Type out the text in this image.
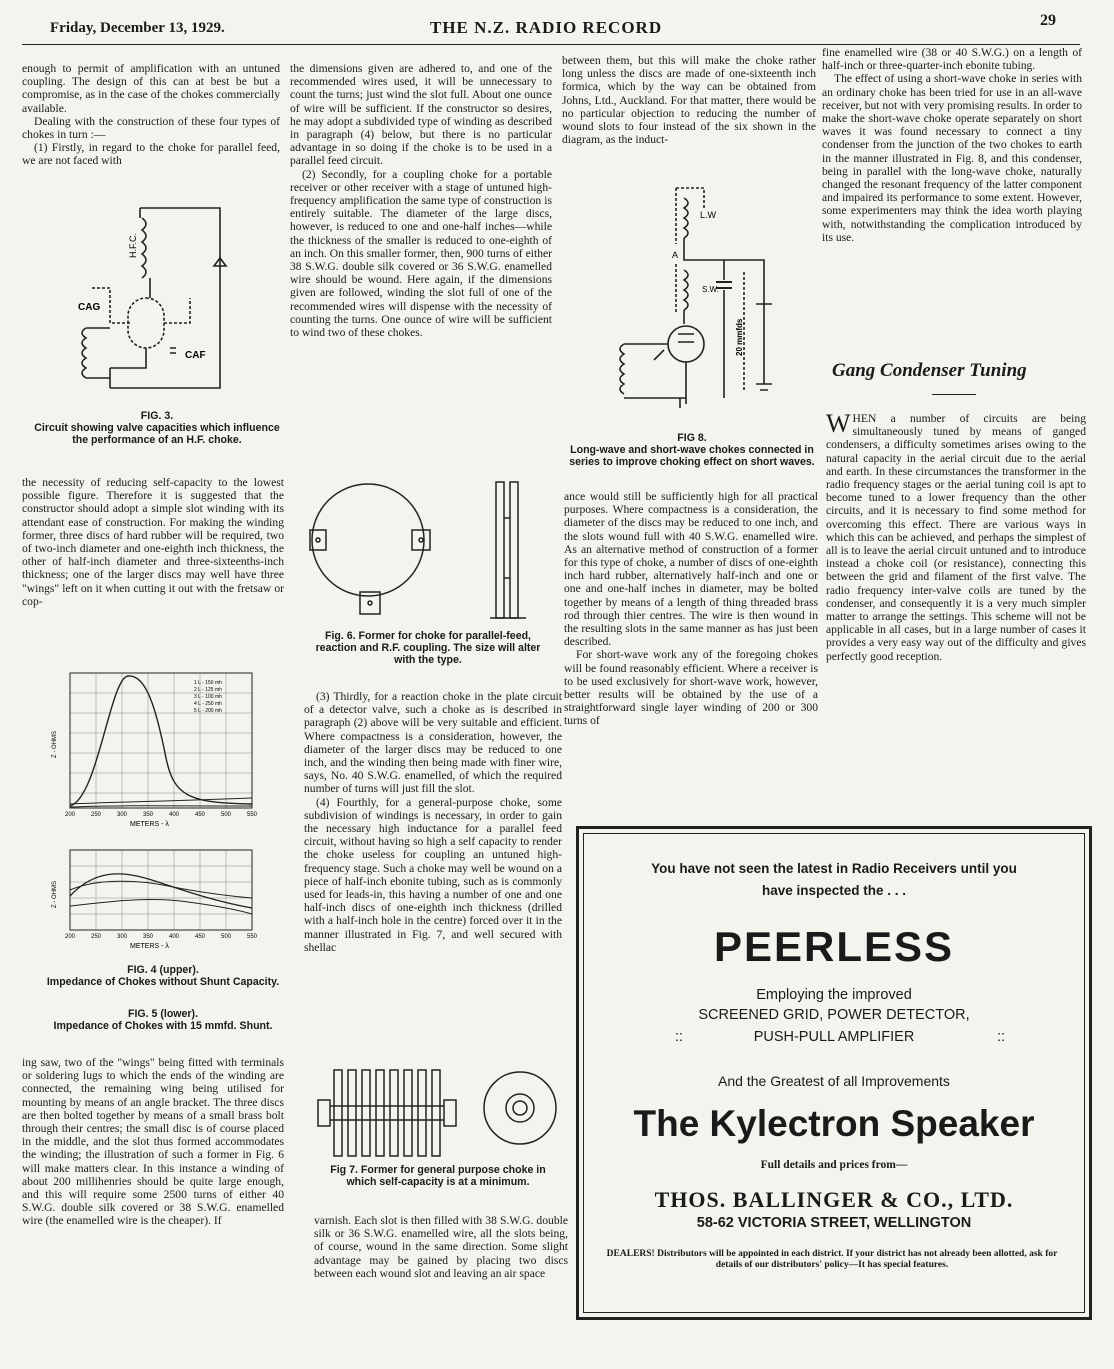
Friday, December 13, 1929.	THE N.Z. RADIO RECORD	29

enough to permit of amplification with an untuned coupling. The design of this can at best be but a compromise, as in the case of the chokes commercially available.

Dealing with the construction of these four types of chokes in turn :—

(1) Firstly, in regard to the choke for parallel feed, we are not faced with

H.F.C.
CAG
CAF
FIG. 3.
Circuit showing valve capacities which influence the performance of an H.F. choke.

the necessity of reducing self-capacity to the lowest possible figure. Therefore it is suggested that the constructor should adopt a simple slot winding with its attendant ease of construction. For making the winding former, three discs of hard rubber will be required, two of two-inch diameter and one-eighth inch thickness, the other of half-inch diameter and three-sixteenths-inch thickness; one of the larger discs may well have three "wings" left on it when cutting it out with the fretsaw or cop-

1 L - 150 mh
2 L - 125 mh
3 L - 100 mh
4 L - 250 mh
5 L - 200 mh
Z - OHMS
200	250	300	350	400	450	500	550
METERS - λ
Z - OHMS
200	250	300	350	400	450	500	550
METERS - λ
FIG. 4 (upper).
Impedance of Chokes without Shunt Capacity.
FIG. 5 (lower).
Impedance of Chokes with 15 mmfd. Shunt.

ing saw, two of the "wings" being fitted with terminals or soldering lugs to which the ends of the winding are connected, the remaining wing being utilised for mounting by means of an angle bracket. The three discs are then bolted together by means of a small brass bolt through their centres; the small disc is of course placed in the middle, and the slot thus formed accommodates the winding; the illustration of such a former in Fig. 6 will make matters clear. In this instance a winding of about 200 millihenries should be quite large enough, and this will require some 2500 turns of either 40 S.W.G. double silk covered or 38 S.W.G. enamelled wire (the enamelled wire is the cheaper). If

the dimensions given are adhered to, and one of the recommended wires used, it will be unnecessary to count the turns; just wind the slot full. About one ounce of wire will be sufficient. If the constructor so desires, he may adopt a subdivided type of winding as described in paragraph (4) below, but there is no particular advantage in so doing if the choke is to be used in a parallel feed circuit.

(2) Secondly, for a coupling choke for a portable receiver or other receiver with a stage of untuned high-frequency amplification the same type of construction is entirely suitable. The diameter of the large discs, however, is reduced to one and one-half inches—while the thickness of the smaller is reduced to one-eighth of an inch. On this smaller former, then, 900 turns of either 38 S.W.G. double silk covered or 36 S.W.G. enamelled wire should be wound. Here again, if the dimensions given are followed, winding the slot full of one of the recommended wires will dispense with the necessity of counting the turns. One ounce of wire will be sufficient to wind two of these chokes.

Fig. 6. Former for choke for parallel-feed, reaction and R.F. coupling. The size will alter with the type.

(3) Thirdly, for a reaction choke in the plate circuit of a detector valve, such a choke as is described in paragraph (2) above will be very suitable and efficient. Where compactness is a consideration, however, the diameter of the larger discs may be reduced to one inch, and the winding then being made with finer wire, says, No. 40 S.W.G. enamelled, of which the required number of turns will just fill the slot.

(4) Fourthly, for a general-purpose choke, some subdivision of windings is necessary, in order to gain the necessary high inductance for a parallel feed circuit, without having so high a self capacity to render the choke useless for coupling an untuned high-frequency stage. Such a choke may well be wound on a piece of half-inch ebonite tubing, such as is commonly used for leads-in, this having a number of one and one half-inch discs of one-eighth inch thickness (drilled with a half-inch hole in the centre) forced over it in the manner illustrated in Fig. 7, and well secured with shellac

Fig 7. Former for general purpose choke in which self-capacity is at a minimum.

varnish. Each slot is then filled with 38 S.W.G. double silk or 36 S.W.G. enamelled wire, all the slots being, of course, wound in the same direction. Some slight advantage may be gained by placing two discs between each wound slot and leaving an air space

between them, but this will make the choke rather long unless the discs are made of one-sixteenth inch formica, which by the way can be obtained from Johns, Ltd., Auckland. For that matter, there would be no particular objection to reducing the number of wound slots to four instead of the six shown in the diagram, as the induct-

L.W
A
S.W.
20 mmfds
FIG 8.
Long-wave and short-wave chokes connected in series to improve choking effect on short waves.

ance would still be sufficiently high for all practical purposes. Where compactness is a consideration, the diameter of the discs may be reduced to one inch, and the slots wound full with 40 S.W.G. enamelled wire. As an alternative method of construction of a former for this type of choke, a number of discs of one-eighth inch hard rubber, alternatively half-inch and one or one and one-half inches in diameter, may be bolted together by means of a length of thing threaded brass rod through thier centres. The wire is then wound in the resulting slots in the same manner as has just been described.

For short-wave work any of the foregoing chokes will be found reasonably efficient. Where a receiver is to be used exclusively for short-wave work, however, better results will be obtained by the use of a straightforward single layer winding of 200 or 300 turns of

fine enamelled wire (38 or 40 S.W.G.) on a length of half-inch or three-quarter-inch ebonite tubing.

The effect of using a short-wave choke in series with an ordinary choke has been tried for use in an all-wave receiver, but not with very promising results. In order to make the short-wave choke operate separately on short waves it was found necessary to connect a tiny condenser from the junction of the two chokes to earth in the manner illustrated in Fig. 8, and this condenser, being in parallel with the long-wave choke, naturally changed the resonant frequency of the latter component and impaired its performance to some extent. However, some experimenters may think the idea worth playing with, notwithstanding the complication introduced by its use.

Gang Condenser Tuning

W HEN a number of circuits are being simultaneously tuned by means of ganged condensers, a difficulty sometimes arises owing to the natural capacity in the aerial circuit due to the aerial and earth. In these circumstances the transformer in the radio frequency stages or the aerial tuning coil is apt to become tuned to a lower frequency than the other circuits, and it is necessary to find some method for overcoming this effect. There are various ways in which this can be achieved, and perhaps the simplest of all is to leave the aerial circuit untuned and to introduce instead a choke coil (or resistance), connecting this between the grid and filament of the first valve. The radio frequency inter-valve coils are tuned by the condenser, and consequently it is a very much simpler matter to arrange the settings. This scheme will not be applicable in all cases, but in a large number of cases it provides a very easy way out of the difficulty and gives perfectly good reception.

You have not seen the latest in Radio Receivers until you
have inspected the . . .
PEERLESS
Employing the improved
SCREENED GRID, POWER DETECTOR,
::	PUSH-PULL AMPLIFIER	::
And the Greatest of all Improvements
The Kylectron Speaker
Full details and prices from—
THOS. BALLINGER & CO., LTD.
58-62 VICTORIA STREET, WELLINGTON
DEALERS! Distributors will be appointed in each district. If your district has not already been allotted, ask for details of our distributors' policy—It has special features.
